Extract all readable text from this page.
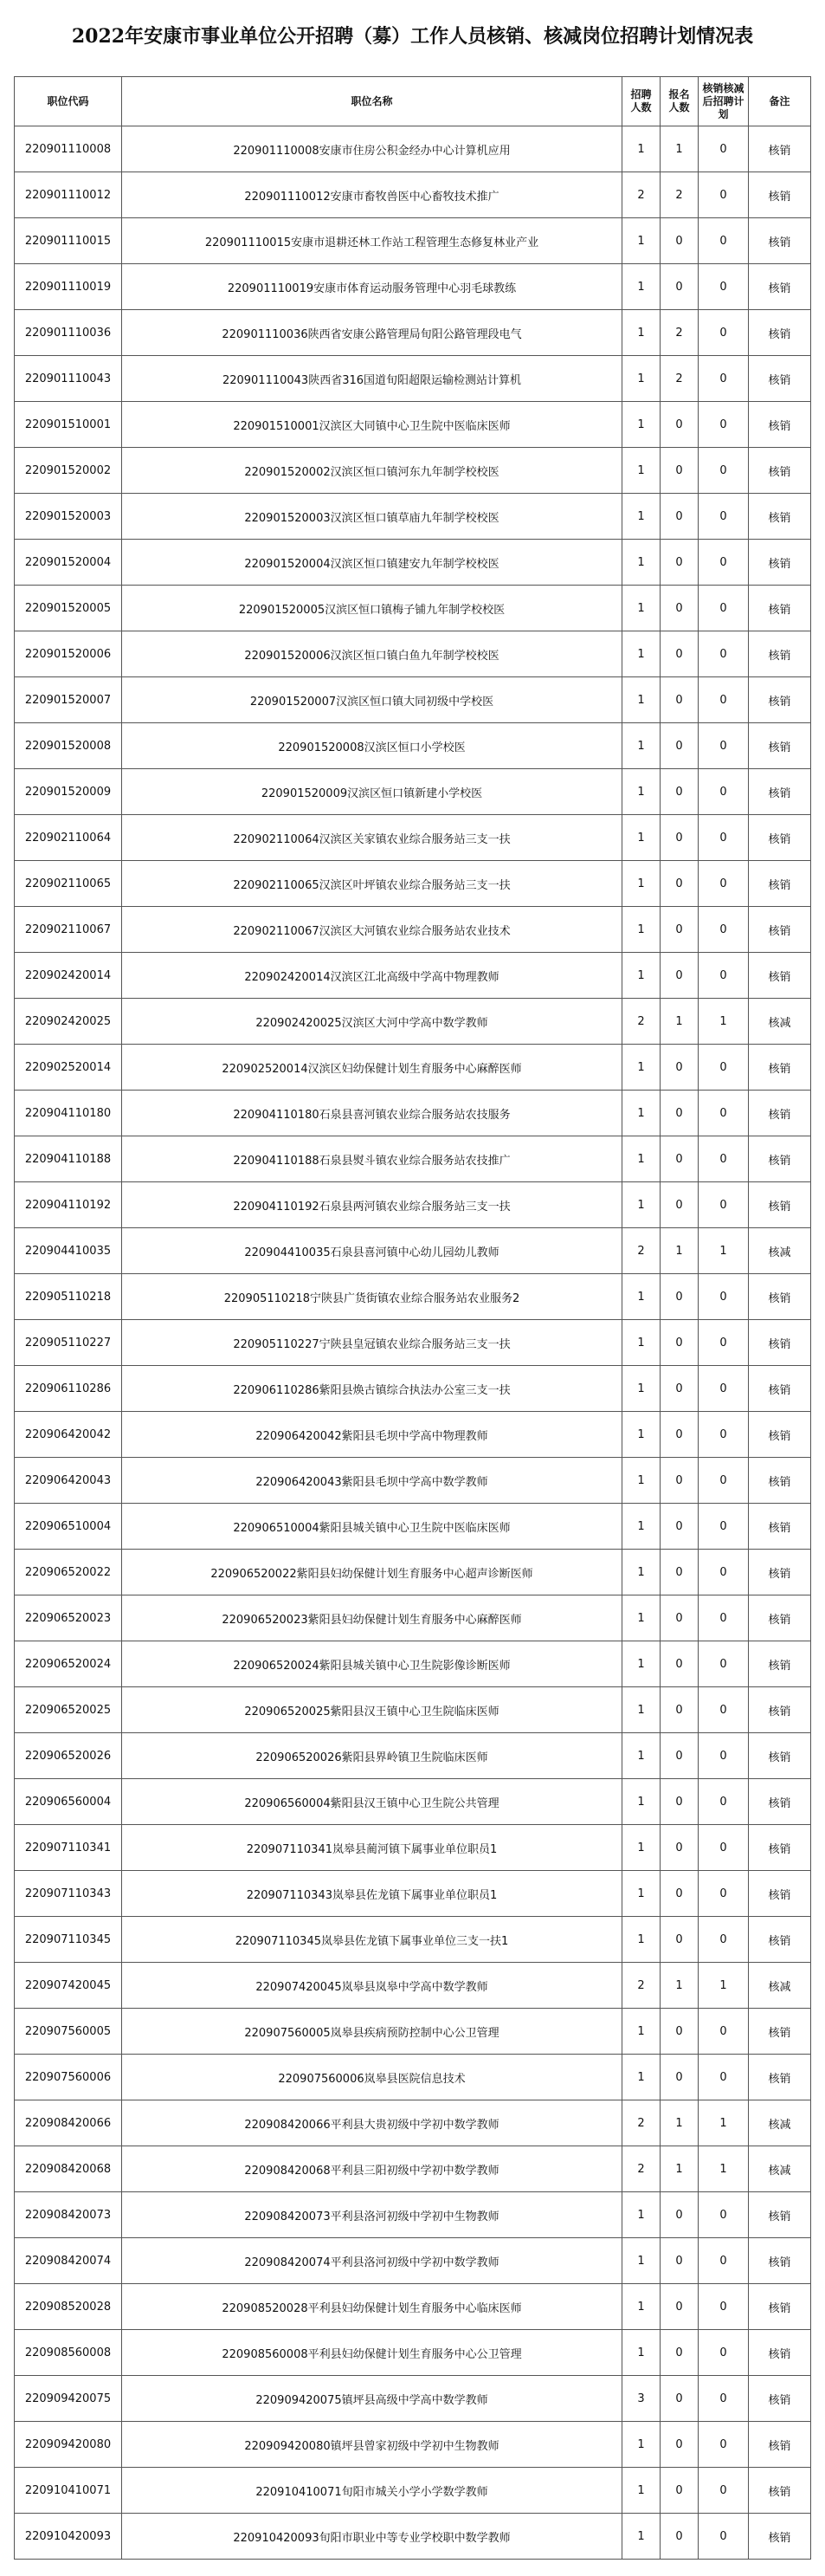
2022年安康市事业单位公开招聘（募）工作人员核销、核减岗位招聘计划情况表
职位代码	职位名称	招聘人数	报名人数	核销核减后招聘计划	备注
220901110008	220901110008安康市住房公积金经办中心计算机应用	1	1	0	核销
220901110012	220901110012安康市畜牧兽医中心畜牧技术推广	2	2	0	核销
220901110015	220901110015安康市退耕还林工作站工程管理生态修复林业产业	1	0	0	核销
220901110019	220901110019安康市体育运动服务管理中心羽毛球教练	1	0	0	核销
220901110036	220901110036陕西省安康公路管理局旬阳公路管理段电气	1	2	0	核销
220901110043	220901110043陕西省316国道旬阳超限运输检测站计算机	1	2	0	核销
220901510001	220901510001汉滨区大同镇中心卫生院中医临床医师	1	0	0	核销
220901520002	220901520002汉滨区恒口镇河东九年制学校校医	1	0	0	核销
220901520003	220901520003汉滨区恒口镇草庙九年制学校校医	1	0	0	核销
220901520004	220901520004汉滨区恒口镇建安九年制学校校医	1	0	0	核销
220901520005	220901520005汉滨区恒口镇梅子铺九年制学校校医	1	0	0	核销
220901520006	220901520006汉滨区恒口镇白鱼九年制学校校医	1	0	0	核销
220901520007	220901520007汉滨区恒口镇大同初级中学校医	1	0	0	核销
220901520008	220901520008汉滨区恒口小学校医	1	0	0	核销
220901520009	220901520009汉滨区恒口镇新建小学校医	1	0	0	核销
220902110064	220902110064汉滨区关家镇农业综合服务站三支一扶	1	0	0	核销
220902110065	220902110065汉滨区叶坪镇农业综合服务站三支一扶	1	0	0	核销
220902110067	220902110067汉滨区大河镇农业综合服务站农业技术	1	0	0	核销
220902420014	220902420014汉滨区江北高级中学高中物理教师	1	0	0	核销
220902420025	220902420025汉滨区大河中学高中数学教师	2	1	1	核减
220902520014	220902520014汉滨区妇幼保健计划生育服务中心麻醉医师	1	0	0	核销
220904110180	220904110180石泉县喜河镇农业综合服务站农技服务	1	0	0	核销
220904110188	220904110188石泉县熨斗镇农业综合服务站农技推广	1	0	0	核销
220904110192	220904110192石泉县两河镇农业综合服务站三支一扶	1	0	0	核销
220904410035	220904410035石泉县喜河镇中心幼儿园幼儿教师	2	1	1	核减
220905110218	220905110218宁陕县广货街镇农业综合服务站农业服务2	1	0	0	核销
220905110227	220905110227宁陕县皇冠镇农业综合服务站三支一扶	1	0	0	核销
220906110286	220906110286紫阳县焕古镇综合执法办公室三支一扶	1	0	0	核销
220906420042	220906420042紫阳县毛坝中学高中物理教师	1	0	0	核销
220906420043	220906420043紫阳县毛坝中学高中数学教师	1	0	0	核销
220906510004	220906510004紫阳县城关镇中心卫生院中医临床医师	1	0	0	核销
220906520022	220906520022紫阳县妇幼保健计划生育服务中心超声诊断医师	1	0	0	核销
220906520023	220906520023紫阳县妇幼保健计划生育服务中心麻醉医师	1	0	0	核销
220906520024	220906520024紫阳县城关镇中心卫生院影像诊断医师	1	0	0	核销
220906520025	220906520025紫阳县汉王镇中心卫生院临床医师	1	0	0	核销
220906520026	220906520026紫阳县界岭镇卫生院临床医师	1	0	0	核销
220906560004	220906560004紫阳县汉王镇中心卫生院公共管理	1	0	0	核销
220907110341	220907110341岚皋县蔺河镇下属事业单位职员1	1	0	0	核销
220907110343	220907110343岚皋县佐龙镇下属事业单位职员1	1	0	0	核销
220907110345	220907110345岚皋县佐龙镇下属事业单位三支一扶1	1	0	0	核销
220907420045	220907420045岚皋县岚皋中学高中数学教师	2	1	1	核减
220907560005	220907560005岚皋县疾病预防控制中心公卫管理	1	0	0	核销
220907560006	220907560006岚皋县医院信息技术	1	0	0	核销
220908420066	220908420066平利县大贵初级中学初中数学教师	2	1	1	核减
220908420068	220908420068平利县三阳初级中学初中数学教师	2	1	1	核减
220908420073	220908420073平利县洛河初级中学初中生物教师	1	0	0	核销
220908420074	220908420074平利县洛河初级中学初中数学教师	1	0	0	核销
220908520028	220908520028平利县妇幼保健计划生育服务中心临床医师	1	0	0	核销
220908560008	220908560008平利县妇幼保健计划生育服务中心公卫管理	1	0	0	核销
220909420075	220909420075镇坪县高级中学高中数学教师	3	0	0	核销
220909420080	220909420080镇坪县曾家初级中学初中生物教师	1	0	0	核销
220910410071	220910410071旬阳市城关小学小学数学教师	1	0	0	核销
220910420093	220910420093旬阳市职业中等专业学校职中数学教师	1	0	0	核销
